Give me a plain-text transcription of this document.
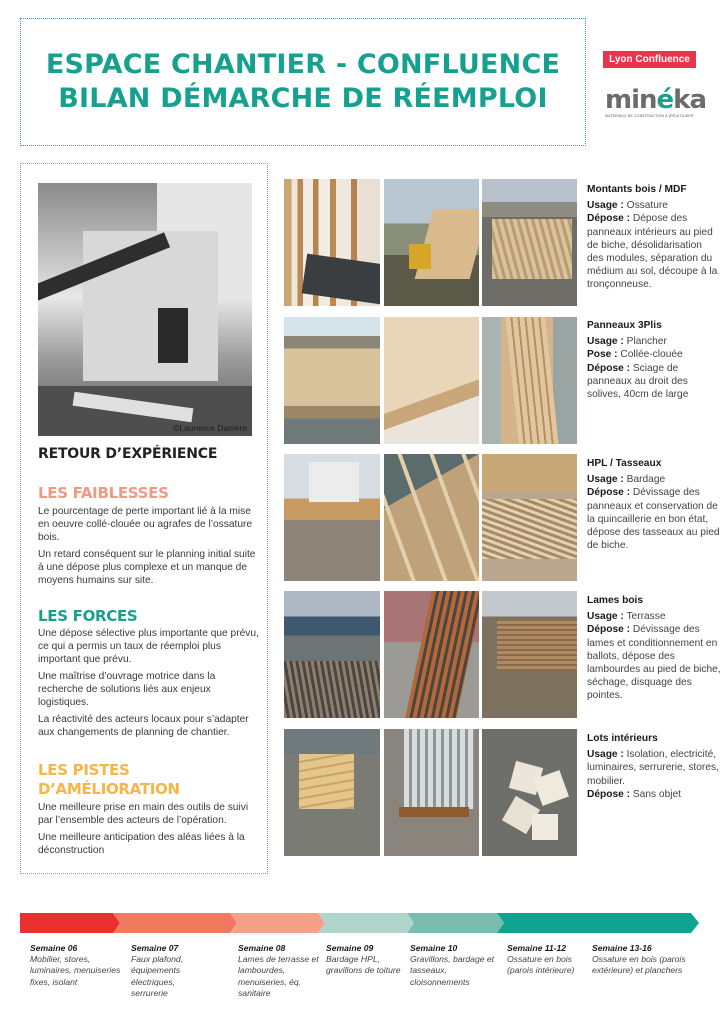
ESPACE CHANTIER - CONFLUENCE
BILAN DÉMARCHE DE RÉEMPLOI
Lyon Confluence
minéka
MATÉRIAUX DE CONSTRUCTION À (RÉ)UTILISER
©Laurence Danière
RETOUR D’EXPÉRIENCE
LES FAIBLESSES

Le pourcentage de perte important lié à la mise en oeuvre collé-clouée ou agrafes de l’ossature bois.

Un retard conséquent sur le planning initial suite à une dépose plus complexe et un manque de moyens humains sur site.

LES FORCES

Une dépose sélective plus importante que prévu, ce qui a permis un taux de réemploi plus important que prévu.

Une maîtrise d’ouvrage motrice dans la recherche de solutions liés aux enjeux logistiques.

La réactivité des acteurs locaux pour s’adapter aux changements de planning de chantier.

LES PISTES
D’AMÉLIORATION

Une meilleure prise en main des outils de suivi par l’ensemble des acteurs de l’opération.

Une meilleure anticipation des aléas liées à la déconstruction

Montants bois / MDF
Usage : Ossature
Dépose : Dépose des panneaux intérieurs au pied de biche, désolidarisation des modules, séparation du médium au sol, découpe à la tronçonneuse.
Panneaux 3Plis
Usage : Plancher
Pose : Collée-clouée
Dépose : Sciage de panneaux au droit des solives, 40cm de large
HPL / Tasseaux
Usage : Bardage
Dépose : Dévissage des panneaux et conservation de la quincaillerie en bon état, dépose des tasseaux au pied de biche.
Lames bois
Usage : Terrasse
Dépose : Dévissage des lames et conditionnement en ballots, dépose des lambourdes au pied de biche, séchage, disquage des pointes.
Lots intérieurs
Usage : Isolation, electricité, luminaires, serrurerie, stores, mobilier.
Dépose : Sans objet
Semaine 06
Mobilier, stores, luminaires, menuiseries fixes, isolant
Semaine 07
Faux plafond, équipements électriques, serrurerie
Semaine 08
Lames de terrasse et lambourdes, menuiseries, éq. sanitaire
Semaine 09
Bardage HPL, gravillons de toiture
Semaine 10
Gravillons, bardage et tasseaux, cloisonnements
Semaine 11-12
Ossature en bois (parois intérieure)
Semaine 13-16
Ossature en bois (parois extérieure) et planchers
